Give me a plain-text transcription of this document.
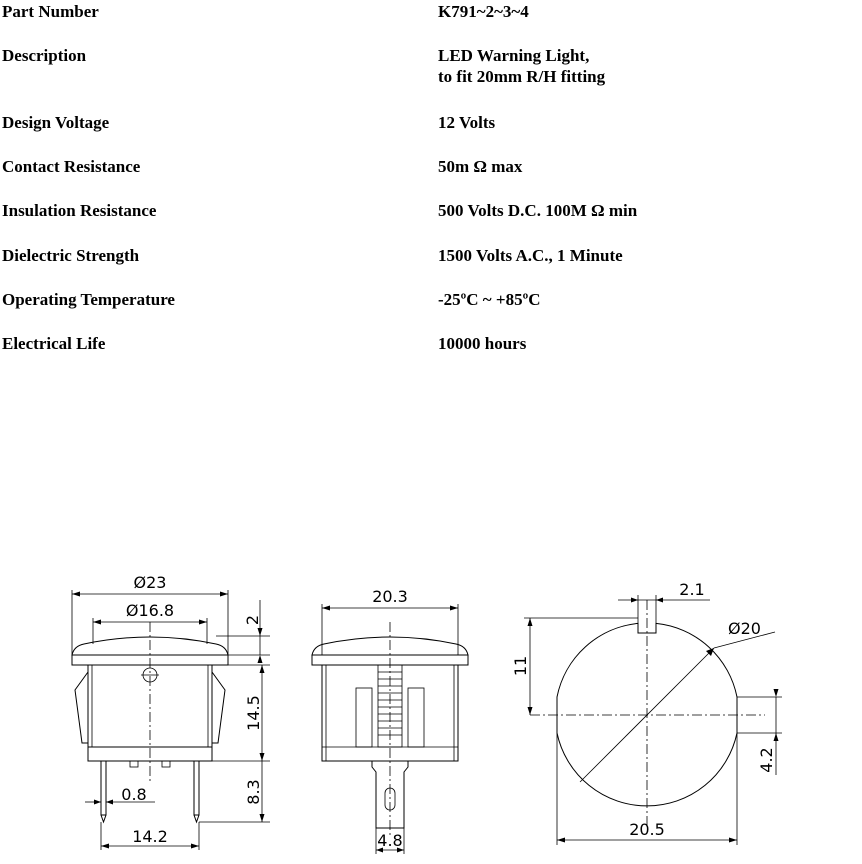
Part Number	K791~2~3~4
Description	LED Warning Light,
to fit 20mm R/H fitting
Design Voltage	12 Volts
Contact Resistance	50m Ω max
Insulation Resistance	500 Volts D.C. 100M Ω min
Dielectric Strength	1500 Volts A.C., 1 Minute
Operating Temperature	-25ºC ~ +85ºC
Electrical Life	10000 hours
Ø23
Ø16.8	2
14.5
8.3
0.8
14.2
20.3
4.8
Ø20
2.1
11
4.2
20.5
